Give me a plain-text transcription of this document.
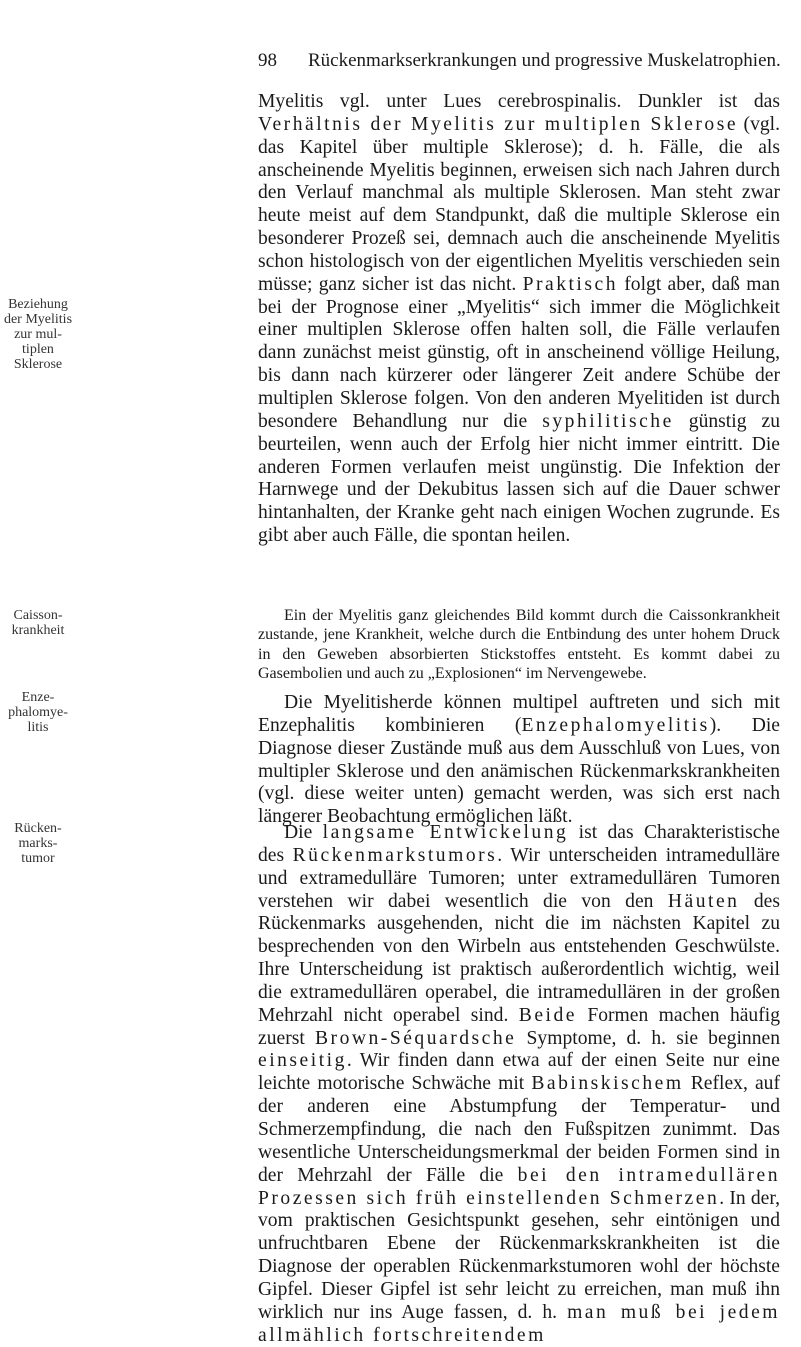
98 Rückenmarkserkrankungen und progressive Muskelatrophien.
Beziehung der Myelitis zur mul- tiplen Sklerose
Caisson- krankheit
Enze- phalomye- litis
Rücken- marks- tumor

Myelitis vgl. unter Lues cerebrospinalis. Dunkler ist das Verhältnis der Myelitis zur multiplen Sklerose (vgl. das Kapitel über multiple Sklerose); d. h. Fälle, die als anscheinende Myelitis beginnen, erweisen sich nach Jahren durch den Verlauf manchmal als multiple Sklerosen. Man steht zwar heute meist auf dem Standpunkt, daß die multiple Sklerose ein besonderer Prozeß sei, demnach auch die anscheinende Myelitis schon histologisch von der eigentlichen Myelitis verschieden sein müsse; ganz sicher ist das nicht. Praktisch folgt aber, daß man bei der Prognose einer „Myelitis“ sich immer die Möglichkeit einer multiplen Sklerose offen halten soll, die Fälle verlaufen dann zunächst meist günstig, oft in anscheinend völlige Heilung, bis dann nach kürzerer oder längerer Zeit andere Schübe der multiplen Sklerose folgen. Von den anderen Myelitiden ist durch besondere Behandlung nur die syphilitische günstig zu beurteilen, wenn auch der Erfolg hier nicht immer eintritt. Die anderen Formen verlaufen meist ungünstig. Die Infektion der Harnwege und der Dekubitus lassen sich auf die Dauer schwer hintanhalten, der Kranke geht nach einigen Wochen zugrunde. Es gibt aber auch Fälle, die spontan heilen.

Ein der Myelitis ganz gleichendes Bild kommt durch die Caissonkrankheit zustande, jene Krankheit, welche durch die Entbindung des unter hohem Druck in den Geweben absorbierten Stickstoffes entsteht. Es kommt dabei zu Gasembolien und auch zu „Explosionen“ im Nervengewebe.

Die Myelitisherde können multipel auftreten und sich mit Enzephalitis kombinieren (Enzephalomyelitis). Die Diagnose dieser Zustände muß aus dem Ausschluß von Lues, von multipler Sklerose und den anämischen Rückenmarkskrankheiten (vgl. diese weiter unten) gemacht werden, was sich erst nach längerer Beobachtung ermöglichen läßt.

Die langsame Entwickelung ist das Charakteristische des Rückenmarkstumors. Wir unterscheiden intramedulläre und extramedulläre Tumoren; unter extramedullären Tumoren verstehen wir dabei wesentlich die von den Häuten des Rückenmarks ausgehenden, nicht die im nächsten Kapitel zu besprechenden von den Wirbeln aus entstehenden Geschwülste. Ihre Unterscheidung ist praktisch außerordentlich wichtig, weil die extramedullären operabel, die intramedullären in der großen Mehrzahl nicht operabel sind. Beide Formen machen häufig zuerst Brown-Séquardsche Symptome, d. h. sie beginnen einseitig. Wir finden dann etwa auf der einen Seite nur eine leichte motorische Schwäche mit Babinskischem Reflex, auf der anderen eine Abstumpfung der Temperatur- und Schmerzempfindung, die nach den Fußspitzen zunimmt. Das wesentliche Unterscheidungsmerkmal der beiden Formen sind in der Mehrzahl der Fälle die bei den intramedullären Prozessen sich früh einstellenden Schmerzen. In der, vom praktischen Gesichtspunkt gesehen, sehr eintönigen und unfruchtbaren Ebene der Rückenmarkskrankheiten ist die Diagnose der operablen Rückenmarkstumoren wohl der höchste Gipfel. Dieser Gipfel ist sehr leicht zu erreichen, man muß ihn wirklich nur ins Auge fassen, d. h. man muß bei jedem allmählich fortschreitendem
